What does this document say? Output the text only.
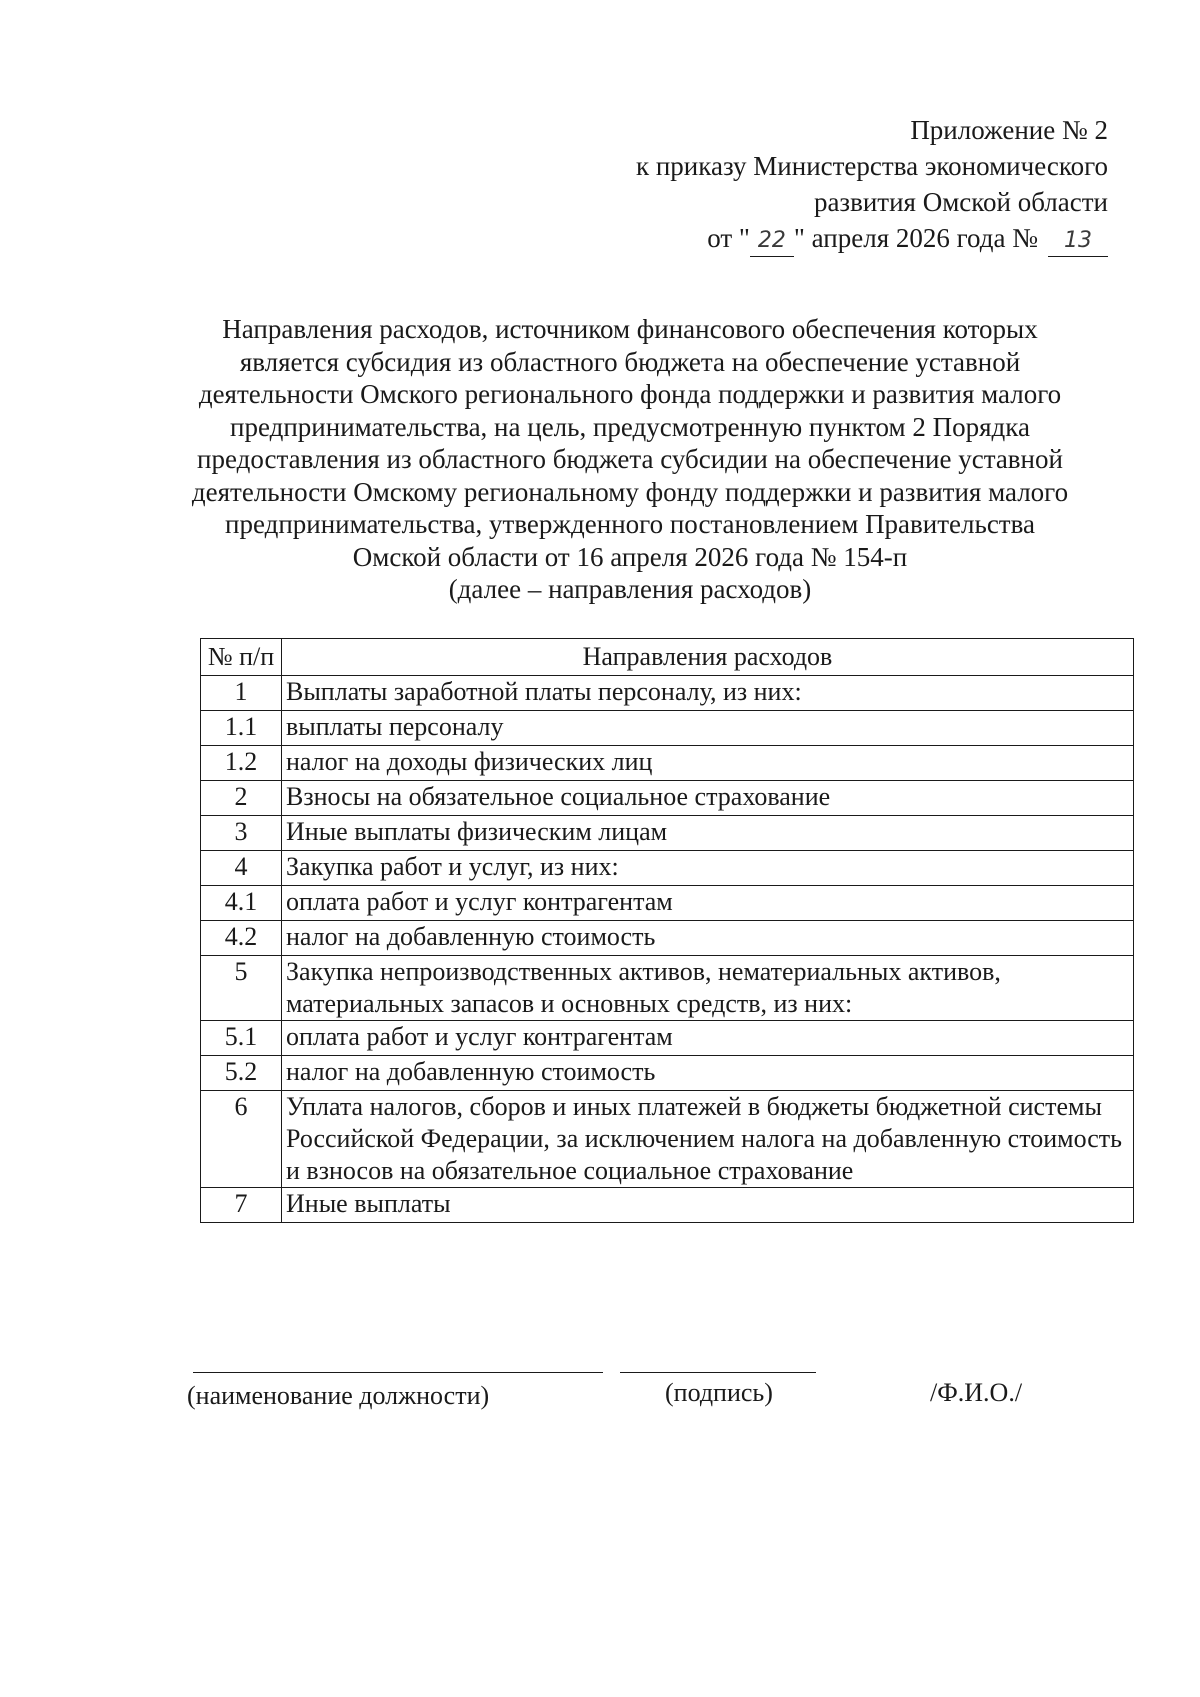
Приложение № 2
к приказу Министерства экономического
развития Омской области
от " 22 " апреля 2026 года № 13
Направления расходов, источником финансового обеспечения которых
является субсидия из областного бюджета на обеспечение уставной
деятельности Омского регионального фонда поддержки и развития малого
предпринимательства, на цель, предусмотренную пунктом 2 Порядка
предоставления из областного бюджета субсидии на обеспечение уставной
деятельности Омскому региональному фонду поддержки и развития малого
предпринимательства, утвержденного постановлением Правительства
Омской области от 16 апреля 2026 года № 154-п
(далее – направления расходов)
№ п/п	Направления расходов
1	Выплаты заработной платы персоналу, из них:
1.1	выплаты персоналу
1.2	налог на доходы физических лиц
2	Взносы на обязательное социальное страхование
3	Иные выплаты физическим лицам
4	Закупка работ и услуг, из них:
4.1	оплата работ и услуг контрагентам
4.2	налог на добавленную стоимость
5	Закупка непроизводственных активов, нематериальных активов, материальных запасов и основных средств, из них:
5.1	оплата работ и услуг контрагентам
5.2	налог на добавленную стоимость
6	Уплата налогов, сборов и иных платежей в бюджеты бюджетной системы Российской Федерации, за исключением налога на добавленную стоимость и взносов на обязательное социальное страхование
7	Иные выплаты
(наименование должности)	(подпись)	/Ф.И.О./
